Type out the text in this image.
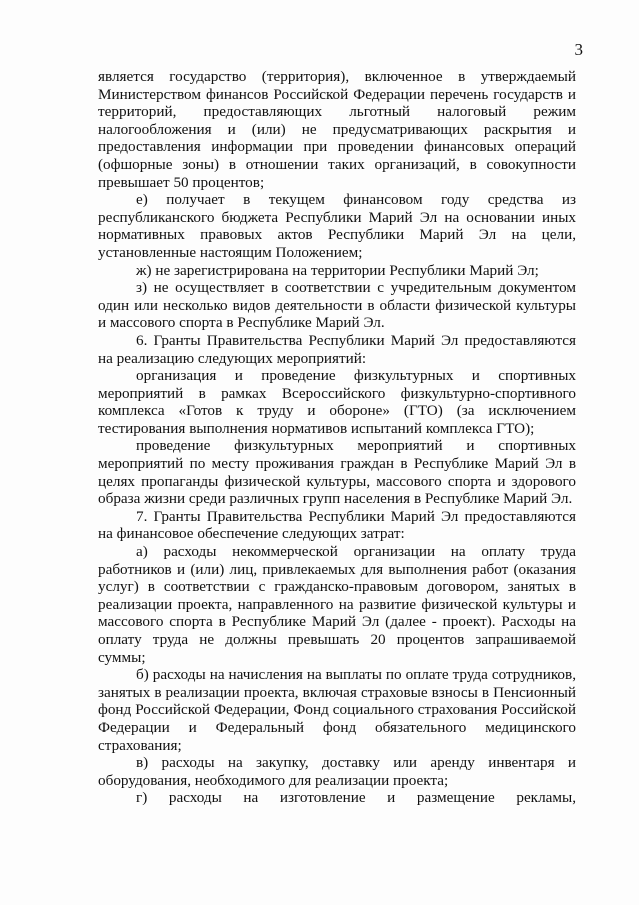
3

является государство (территория), включенное в утверждаемый Министерством финансов Российской Федерации перечень государств и территорий, предоставляющих льготный налоговый режим налогообложения и (или) не предусматривающих раскрытия и предоставления информации при проведении финансовых операций (офшорные зоны) в отношении таких организаций, в совокупности превышает 50 процентов;

е) получает в текущем финансовом году средства из республиканского бюджета Республики Марий Эл на основании иных нормативных правовых актов Республики Марий Эл на цели, установленные настоящим Положением;

ж) не зарегистрирована на территории Республики Марий Эл;

з) не осуществляет в соответствии с учредительным документом один или несколько видов деятельности в области физической культуры и массового спорта в Республике Марий Эл.

6. Гранты Правительства Республики Марий Эл предоставляются на реализацию следующих мероприятий:

организация и проведение физкультурных и спортивных мероприятий в рамках Всероссийского физкультурно-спортивного комплекса «Готов к труду и обороне» (ГТО) (за исключением тестирования выполнения нормативов испытаний комплекса ГТО);

проведение физкультурных мероприятий и спортивных мероприятий по месту проживания граждан в Республике Марий Эл в целях пропаганды физической культуры, массового спорта и здорового образа жизни среди различных групп населения в Республике Марий Эл.

7. Гранты Правительства Республики Марий Эл предоставляются на финансовое обеспечение следующих затрат:

а) расходы некоммерческой организации на оплату труда работников и (или) лиц, привлекаемых для выполнения работ (оказания услуг) в соответствии с гражданско-правовым договором, занятых в реализации проекта, направленного на развитие физической культуры и массового спорта в Республике Марий Эл (далее - проект). Расходы на оплату труда не должны превышать 20 процентов запрашиваемой суммы;

б) расходы на начисления на выплаты по оплате труда сотрудников, занятых в реализации проекта, включая страховые взносы в Пенсионный фонд Российской Федерации, Фонд социального страхования Российской Федерации и Федеральный фонд обязательного медицинского страхования;

в) расходы на закупку, доставку или аренду инвентаря и оборудования, необходимого для реализации проекта;

г) расходы на изготовление и размещение рекламы,
